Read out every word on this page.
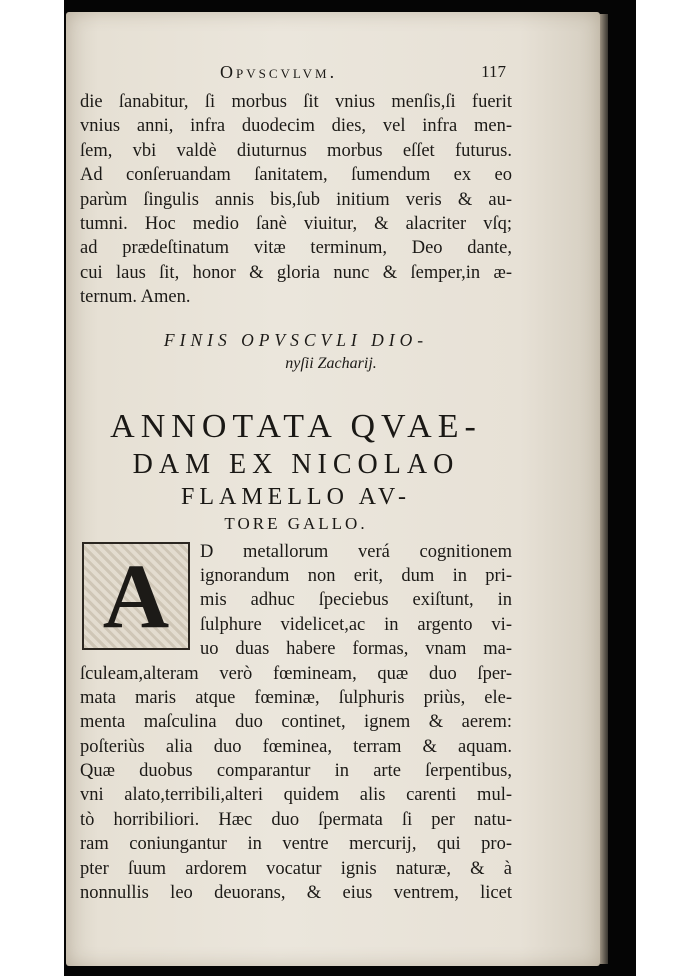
Opvscvlvm.	117
die ſanabitur, ſi morbus ſit vnius menſis,ſi fuerit
vnius anni, infra duodecim dies, vel infra men-
ſem, vbi valdè diuturnus morbus eſſet futurus.
Ad conſeruandam ſanitatem, ſumendum ex eo
parùm ſingulis annis bis,ſub initium veris & au-
tumni. Hoc medio ſanè viuitur, & alacriter vſq;
ad prædeſtinatum vitæ terminum, Deo dante,
cui laus ſit, honor & gloria nunc & ſemper,in æ-
ternum. Amen.
FINIS OPVSCVLI DIO-
nyſii Zacharij.
ANNOTATA QVAE-
DAM EX NICOLAO
FLAMELLO AV-
TORE GALLO.
A D metallorum verá cognitionem
ignorandum non erit, dum in pri-
mis adhuc ſpeciebus exiſtunt, in
ſulphure videlicet,ac in argento vi-
uo duas habere formas, vnam ma-
ſculeam,alteram verò fœmineam, quæ duo ſper-
mata maris atque fœminæ, ſulphuris priùs, ele-
menta maſculina duo continet, ignem & aerem:
poſteriùs alia duo fœminea, terram & aquam.
Quæ duobus comparantur in arte ſerpentibus,
vni alato,terribili,alteri quidem alis carenti mul-
tò horribiliori. Hæc duo ſpermata ſi per natu-
ram coniungantur in ventre mercurij, qui pro-
pter ſuum ardorem vocatur ignis naturæ, & à
nonnullis leo deuorans, & eius ventrem, licet
